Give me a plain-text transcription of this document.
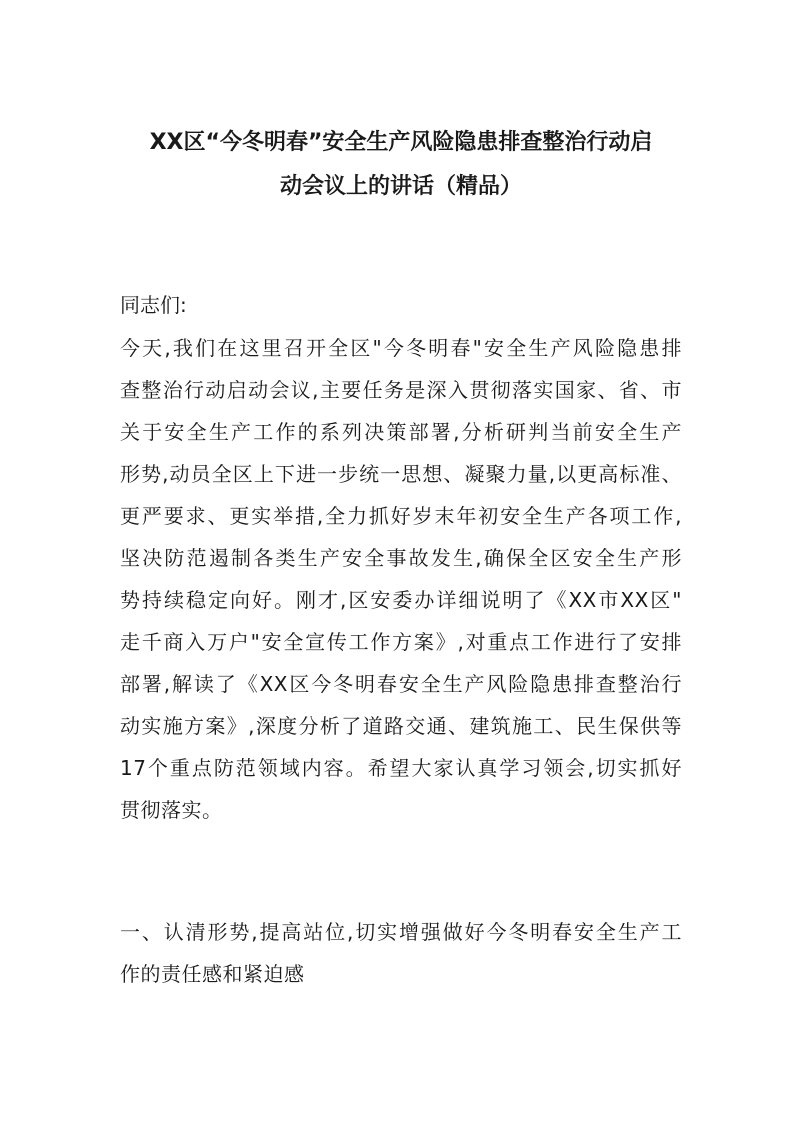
XX区“今冬明春”安全生产风险隐患排查整治行动启
动会议上的讲话（精品）
同志们:
今天,我们在这里召开全区"今冬明春"安全生产风险隐患排
查整治行动启动会议,主要任务是深入贯彻落实国家、省、市
关于安全生产工作的系列决策部署,分析研判当前安全生产
形势,动员全区上下进一步统一思想、凝聚力量,以更高标准、
更严要求、更实举措,全力抓好岁末年初安全生产各项工作,
坚决防范遏制各类生产安全事故发生,确保全区安全生产形
势持续稳定向好。刚才,区安委办详细说明了《XX市XX区"
走千商入万户"安全宣传工作方案》,对重点工作进行了安排
部署,解读了《XX区今冬明春安全生产风险隐患排查整治行
动实施方案》,深度分析了道路交通、建筑施工、民生保供等
17个重点防范领域内容。希望大家认真学习领会,切实抓好
贯彻落实。
一、认清形势,提高站位,切实增强做好今冬明春安全生产工
作的责任感和紧迫感
